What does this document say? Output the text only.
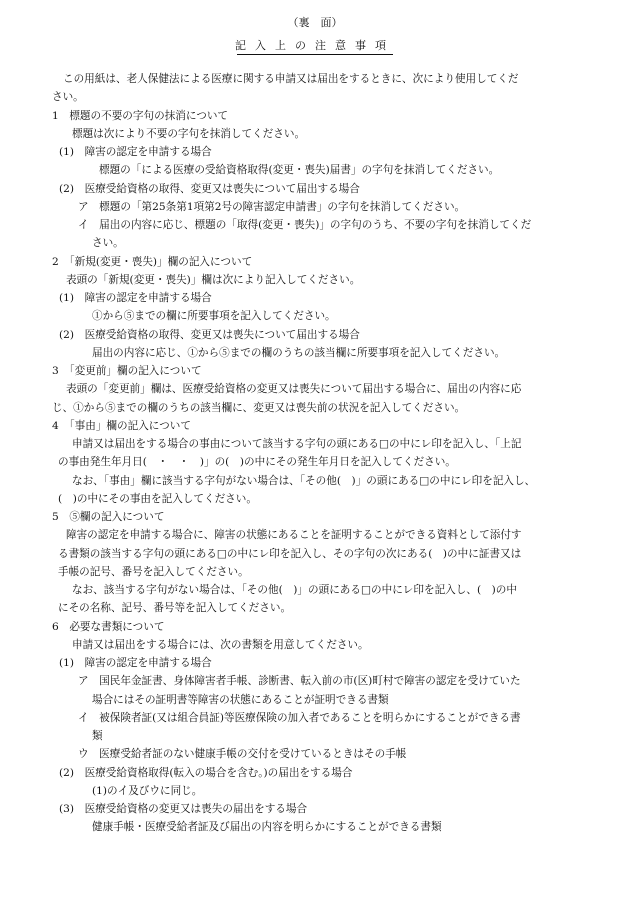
（裏　面）
記入上の注意事項
この用紙は、老人保健法による医療に関する申請又は届出をするときに、次により使用してくだ
さい。
1　標題の不要の字句の抹消について
標題は次により不要の字句を抹消してください。
(1)　障害の認定を申請する場合
標題の「による医療の受給資格取得(変更・喪失)届書」の字句を抹消してください。
(2)　医療受給資格の取得、変更又は喪失について届出する場合
ア　標題の「第25条第1項第2号の障害認定申請書」の字句を抹消してください。
イ　届出の内容に応じ、標題の「取得(変更・喪失)」の字句のうち、不要の字句を抹消してくだ
さい。
2　「新規(変更・喪失)」欄の記入について
表頭の「新規(変更・喪失)」欄は次により記入してください。
(1)　障害の認定を申請する場合
①から⑤までの欄に所要事項を記入してください。
(2)　医療受給資格の取得、変更又は喪失について届出する場合
届出の内容に応じ、①から⑤までの欄のうちの該当欄に所要事項を記入してください。
3　「変更前」欄の記入について
表頭の「変更前」欄は、医療受給資格の変更又は喪失について届出する場合に、届出の内容に応
じ、①から⑤までの欄のうちの該当欄に、変更又は喪失前の状況を記入してください。
4　「事由」欄の記入について
申請又は届出をする場合の事由について該当する字句の頭にある□の中にレ印を記入し、「上記
の事由発生年月日(　・　・　)」の(　)の中にその発生年月日を記入してください。
なお、「事由」欄に該当する字句がない場合は、「その他(　)」の頭にある□の中にレ印を記入し、
(　)の中にその事由を記入してください。
5　⑤欄の記入について
障害の認定を申請する場合に、障害の状態にあることを証明することができる資料として添付す
る書類の該当する字句の頭にある□の中にレ印を記入し、その字句の次にある(　)の中に証書又は
手帳の記号、番号を記入してください。
なお、該当する字句がない場合は、「その他(　)」の頭にある□の中にレ印を記入し、(　)の中
にその名称、記号、番号等を記入してください。
6　必要な書類について
申請又は届出をする場合には、次の書類を用意してください。
(1)　障害の認定を申請する場合
ア　国民年金証書、身体障害者手帳、診断書、転入前の市(区)町村で障害の認定を受けていた
場合にはその証明書等障害の状態にあることが証明できる書類
イ　被保険者証(又は組合員証)等医療保険の加入者であることを明らかにすることができる書
類
ウ　医療受給者証のない健康手帳の交付を受けているときはその手帳
(2)　医療受給資格取得(転入の場合を含む。)の届出をする場合
(1)のイ及びウに同じ。
(3)　医療受給資格の変更又は喪失の届出をする場合
健康手帳・医療受給者証及び届出の内容を明らかにすることができる書類
